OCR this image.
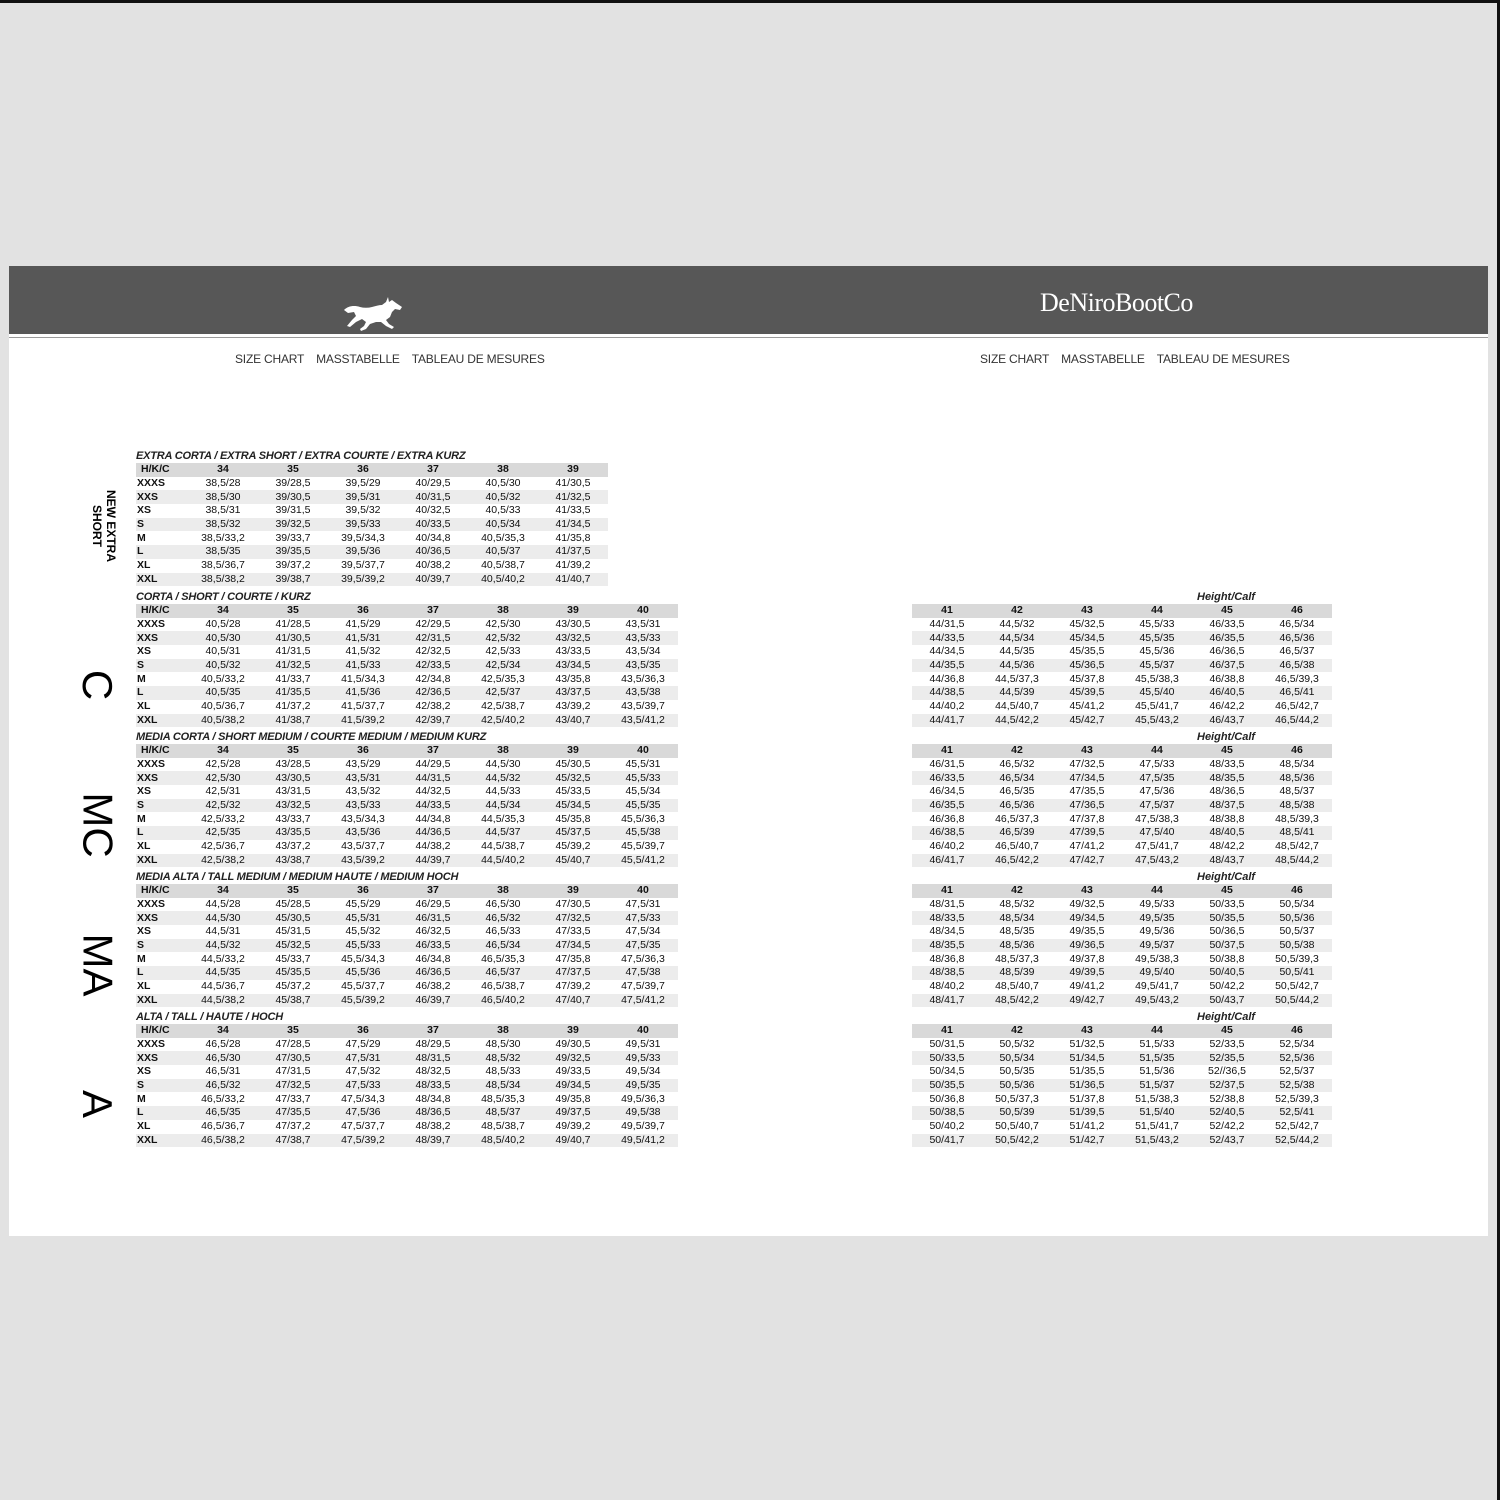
DeNiroBootCo
SIZE CHART MASSTABELLE TABLEAU DE MESURES	SIZE CHART MASSTABELLE TABLEAU DE MESURES
EXTRA CORTA / EXTRA SHORT / EXTRA COURTE / EXTRA KURZ
H/K/C	34	35	36	37	38	39
XXXS	38,5/28	39/28,5	39,5/29	40/29,5	40,5/30	41/30,5
XXS	38,5/30	39/30,5	39,5/31	40/31,5	40,5/32	41/32,5
XS	38,5/31	39/31,5	39,5/32	40/32,5	40,5/33	41/33,5
S	38,5/32	39/32,5	39,5/33	40/33,5	40,5/34	41/34,5
M	38,5/33,2	39/33,7	39,5/34,3	40/34,8	40,5/35,3	41/35,8
L	38,5/35	39/35,5	39,5/36	40/36,5	40,5/37	41/37,5
XL	38,5/36,7	39/37,2	39,5/37,7	40/38,2	40,5/38,7	41/39,2
XXL	38,5/38,2	39/38,7	39,5/39,2	40/39,7	40,5/40,2	41/40,7
NEW EXTRA SHORT
CORTA / SHORT / COURTE / KURZ
H/K/C	34	35	36	37	38	39	40
XXXS	40,5/28	41/28,5	41,5/29	42/29,5	42,5/30	43/30,5	43,5/31
XXS	40,5/30	41/30,5	41,5/31	42/31,5	42,5/32	43/32,5	43,5/33
XS	40,5/31	41/31,5	41,5/32	42/32,5	42,5/33	43/33,5	43,5/34
S	40,5/32	41/32,5	41,5/33	42/33,5	42,5/34	43/34,5	43,5/35
M	40,5/33,2	41/33,7	41,5/34,3	42/34,8	42,5/35,3	43/35,8	43,5/36,3
L	40,5/35	41/35,5	41,5/36	42/36,5	42,5/37	43/37,5	43,5/38
XL	40,5/36,7	41/37,2	41,5/37,7	42/38,2	42,5/38,7	43/39,2	43,5/39,7
XXL	40,5/38,2	41/38,7	41,5/39,2	42/39,7	42,5/40,2	43/40,7	43,5/41,2
Height/Calf
41	42	43	44	45	46
44/31,5	44,5/32	45/32,5	45,5/33	46/33,5	46,5/34
44/33,5	44,5/34	45/34,5	45,5/35	46/35,5	46,5/36
44/34,5	44,5/35	45/35,5	45,5/36	46/36,5	46,5/37
44/35,5	44,5/36	45/36,5	45,5/37	46/37,5	46,5/38
44/36,8	44,5/37,3	45/37,8	45,5/38,3	46/38,8	46,5/39,3
44/38,5	44,5/39	45/39,5	45,5/40	46/40,5	46,5/41
44/40,2	44,5/40,7	45/41,2	45,5/41,7	46/42,2	46,5/42,7
44/41,7	44,5/42,2	45/42,7	45,5/43,2	46/43,7	46,5/44,2
C
MEDIA CORTA / SHORT MEDIUM / COURTE MEDIUM / MEDIUM KURZ
H/K/C	34	35	36	37	38	39	40
XXXS	42,5/28	43/28,5	43,5/29	44/29,5	44,5/30	45/30,5	45,5/31
XXS	42,5/30	43/30,5	43,5/31	44/31,5	44,5/32	45/32,5	45,5/33
XS	42,5/31	43/31,5	43,5/32	44/32,5	44,5/33	45/33,5	45,5/34
S	42,5/32	43/32,5	43,5/33	44/33,5	44,5/34	45/34,5	45,5/35
M	42,5/33,2	43/33,7	43,5/34,3	44/34,8	44,5/35,3	45/35,8	45,5/36,3
L	42,5/35	43/35,5	43,5/36	44/36,5	44,5/37	45/37,5	45,5/38
XL	42,5/36,7	43/37,2	43,5/37,7	44/38,2	44,5/38,7	45/39,2	45,5/39,7
XXL	42,5/38,2	43/38,7	43,5/39,2	44/39,7	44,5/40,2	45/40,7	45,5/41,2
Height/Calf
41	42	43	44	45	46
46/31,5	46,5/32	47/32,5	47,5/33	48/33,5	48,5/34
46/33,5	46,5/34	47/34,5	47,5/35	48/35,5	48,5/36
46/34,5	46,5/35	47/35,5	47,5/36	48/36,5	48,5/37
46/35,5	46,5/36	47/36,5	47,5/37	48/37,5	48,5/38
46/36,8	46,5/37,3	47/37,8	47,5/38,3	48/38,8	48,5/39,3
46/38,5	46,5/39	47/39,5	47,5/40	48/40,5	48,5/41
46/40,2	46,5/40,7	47/41,2	47,5/41,7	48/42,2	48,5/42,7
46/41,7	46,5/42,2	47/42,7	47,5/43,2	48/43,7	48,5/44,2
MC
MEDIA ALTA / TALL MEDIUM / MEDIUM HAUTE / MEDIUM HOCH
H/K/C	34	35	36	37	38	39	40
XXXS	44,5/28	45/28,5	45,5/29	46/29,5	46,5/30	47/30,5	47,5/31
XXS	44,5/30	45/30,5	45,5/31	46/31,5	46,5/32	47/32,5	47,5/33
XS	44,5/31	45/31,5	45,5/32	46/32,5	46,5/33	47/33,5	47,5/34
S	44,5/32	45/32,5	45,5/33	46/33,5	46,5/34	47/34,5	47,5/35
M	44,5/33,2	45/33,7	45,5/34,3	46/34,8	46,5/35,3	47/35,8	47,5/36,3
L	44,5/35	45/35,5	45,5/36	46/36,5	46,5/37	47/37,5	47,5/38
XL	44,5/36,7	45/37,2	45,5/37,7	46/38,2	46,5/38,7	47/39,2	47,5/39,7
XXL	44,5/38,2	45/38,7	45,5/39,2	46/39,7	46,5/40,2	47/40,7	47,5/41,2
Height/Calf
41	42	43	44	45	46
48/31,5	48,5/32	49/32,5	49,5/33	50/33,5	50,5/34
48/33,5	48,5/34	49/34,5	49,5/35	50/35,5	50,5/36
48/34,5	48,5/35	49/35,5	49,5/36	50/36,5	50,5/37
48/35,5	48,5/36	49/36,5	49,5/37	50/37,5	50,5/38
48/36,8	48,5/37,3	49/37,8	49,5/38,3	50/38,8	50,5/39,3
48/38,5	48,5/39	49/39,5	49,5/40	50/40,5	50,5/41
48/40,2	48,5/40,7	49/41,2	49,5/41,7	50/42,2	50,5/42,7
48/41,7	48,5/42,2	49/42,7	49,5/43,2	50/43,7	50,5/44,2
MA
ALTA / TALL / HAUTE / HOCH
H/K/C	34	35	36	37	38	39	40
XXXS	46,5/28	47/28,5	47,5/29	48/29,5	48,5/30	49/30,5	49,5/31
XXS	46,5/30	47/30,5	47,5/31	48/31,5	48,5/32	49/32,5	49,5/33
XS	46,5/31	47/31,5	47,5/32	48/32,5	48,5/33	49/33,5	49,5/34
S	46,5/32	47/32,5	47,5/33	48/33,5	48,5/34	49/34,5	49,5/35
M	46,5/33,2	47/33,7	47,5/34,3	48/34,8	48,5/35,3	49/35,8	49,5/36,3
L	46,5/35	47/35,5	47,5/36	48/36,5	48,5/37	49/37,5	49,5/38
XL	46,5/36,7	47/37,2	47,5/37,7	48/38,2	48,5/38,7	49/39,2	49,5/39,7
XXL	46,5/38,2	47/38,7	47,5/39,2	48/39,7	48,5/40,2	49/40,7	49,5/41,2
Height/Calf
41	42	43	44	45	46
50/31,5	50,5/32	51/32,5	51,5/33	52/33,5	52,5/34
50/33,5	50,5/34	51/34,5	51,5/35	52/35,5	52,5/36
50/34,5	50,5/35	51/35,5	51,5/36	52//36,5	52,5/37
50/35,5	50,5/36	51/36,5	51,5/37	52/37,5	52,5/38
50/36,8	50,5/37,3	51/37,8	51,5/38,3	52/38,8	52,5/39,3
50/38,5	50,5/39	51/39,5	51,5/40	52/40,5	52,5/41
50/40,2	50,5/40,7	51/41,2	51,5/41,7	52/42,2	52,5/42,7
50/41,7	50,5/42,2	51/42,7	51,5/43,2	52/43,7	52,5/44,2
A
